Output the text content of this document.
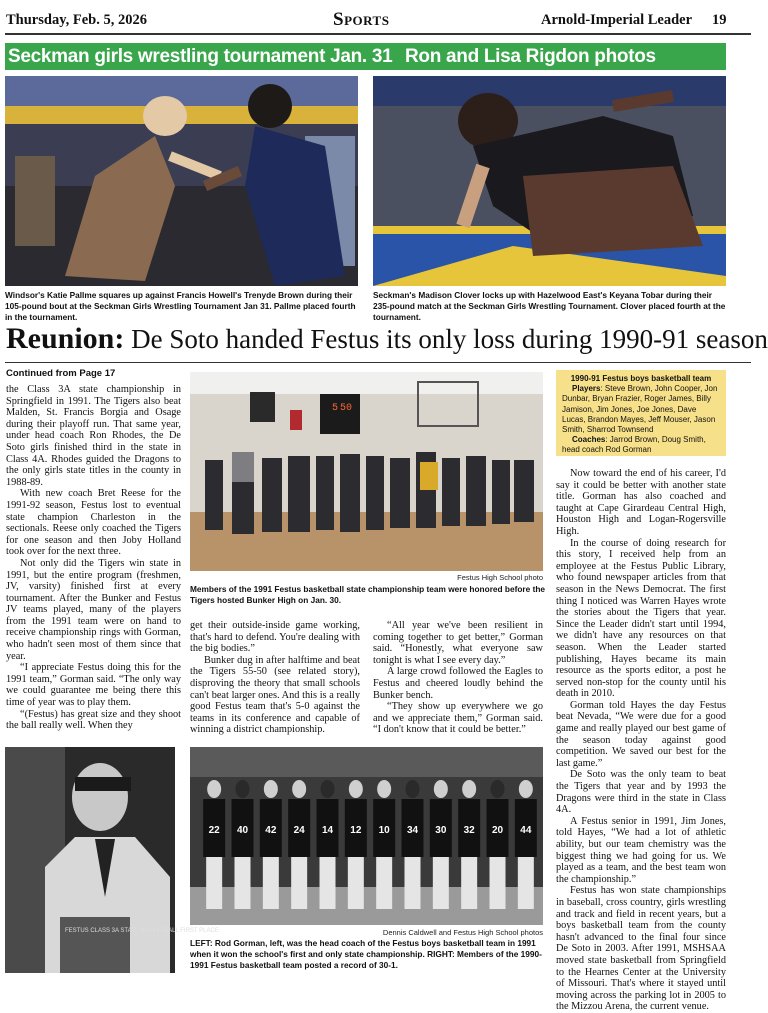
Thursday, Feb. 5, 2026	Sports	Arnold-Imperial Leader 19
Seckman girls wrestling tournament Jan. 31 Ron and Lisa Rigdon photos
Windsor's Katie Pallme squares up against Francis Howell's Trenyde Brown during their 105-pound bout at the Seckman Girls Wrestling Tournament Jan 31. Pallme placed fourth in the tournament.
Seckman's Madison Clover locks up with Hazelwood East's Keyana Tobar during their 235-pound match at the Seckman Girls Wrestling Tournament. Clover placed fourth at the tournament.
Reunion: De Soto handed Festus its only loss during 1990-91 season
Continued from Page 17

the Class 3A state championship in Springfield in 1991. The Tigers also beat Malden, St. Francis Borgia and Osage during their playoff run. That same year, under head coach Ron Rhodes, the De Soto girls finished third in the state in Class 4A. Rhodes guided the Dragons to the only girls state titles in the county in 1988-89.

With new coach Bret Reese for the 1991-92 season, Festus lost to eventual state champion Charleston in the sectionals. Reese only coached the Tigers for one season and then Joby Holland took over for the next three.

Not only did the Tigers win state in 1991, but the entire program (freshmen, JV, varsity) finished first at every tournament. After the Bunker and Festus JV teams played, many of the players from the 1991 team were on hand to receive championship rings with Gorman, who hadn't seen most of them since that year.

“I appreciate Festus doing this for the 1991 team,” Gorman said. “The only way we could guarantee me being there this time of year was to play them.

“(Festus) has great size and they shoot the ball really well. When they

5 50
Festus High School photo
Members of the 1991 Festus basketball state championship team were honored before the Tigers hosted Bunker High on Jan. 30.

get their outside-inside game working, that's hard to defend. You're dealing with the big bodies.”

Bunker dug in after halftime and beat the Tigers 55-50 (see related story), disproving the theory that small schools can't beat larger ones. And this is a really good Festus team that's 5-0 against the teams in its conference and capable of winning a district championship.

“All year we've been resilient in coming together to get better,” Gorman said. “Honestly, what everyone saw tonight is what I see every day.”

A large crowd followed the Eagles to Festus and cheered loudly behind the Bunker bench.

“They show up everywhere we go and we appreciate them,” Gorman said. “I don't know that it could be better.”

1990-91 Festus boys basketball team
Players: Steve Brown, John Cooper, Jon Dunbar, Bryan Frazier, Roger James, Billy Jamison, Jim Jones, Joe Jones, Dave Lucas, Brandon Mayes, Jeff Mouser, Jason Smith, Sharrod Townsend
Coaches: Jarrod Brown, Doug Smith, head coach Rod Gorman

Now toward the end of his career, I'd say it could be better with another state title. Gorman has also coached and taught at Cape Girardeau Central High, Houston High and Logan-Rogersville High.

In the course of doing research for this story, I received help from an employee at the Festus Public Library, who found newspaper articles from that season in the News Democrat. The first thing I noticed was Warren Hayes wrote the stories about the Tigers that year. Since the Leader didn't start until 1994, we didn't have any resources on that season. When the Leader started publishing, Hayes became its main resource as the sports editor, a post he served non-stop for the county until his death in 2010.

Gorman told Hayes the day Festus beat Nevada, “We were due for a good game and really played our best game of the season today against good competition. We saved our best for the last game.”

De Soto was the only team to beat the Tigers that year and by 1993 the Dragons were third in the state in Class 4A.

A Festus senior in 1991, Jim Jones, told Hayes, “We had a lot of athletic ability, but our team chemistry was the biggest thing we had going for us. We played as a team, and the best team won the championship.”

Festus has won state championships in baseball, cross country, girls wrestling and track and field in recent years, but a boys basketball team from the county hasn't advanced to the final four since De Soto in 2003. After 1991, MSHSAA moved state basketball from Springfield to the Hearnes Center at the University of Missouri. That's where it stayed until moving across the parking lot in 2005 to the Mizzou Arena, the current venue.

FESTUS CLASS 3A STATE BASKETBALL FIRST PLACE
22 40 42 24 14 12 10 34 30 32 20 44
Dennis Caldwell and Festus High School photos
LEFT: Rod Gorman, left, was the head coach of the Festus boys basketball team in 1991 when it won the school's first and only state championship. RIGHT: Members of the 1990-1991 Festus basketball team posted a record of 30-1.
